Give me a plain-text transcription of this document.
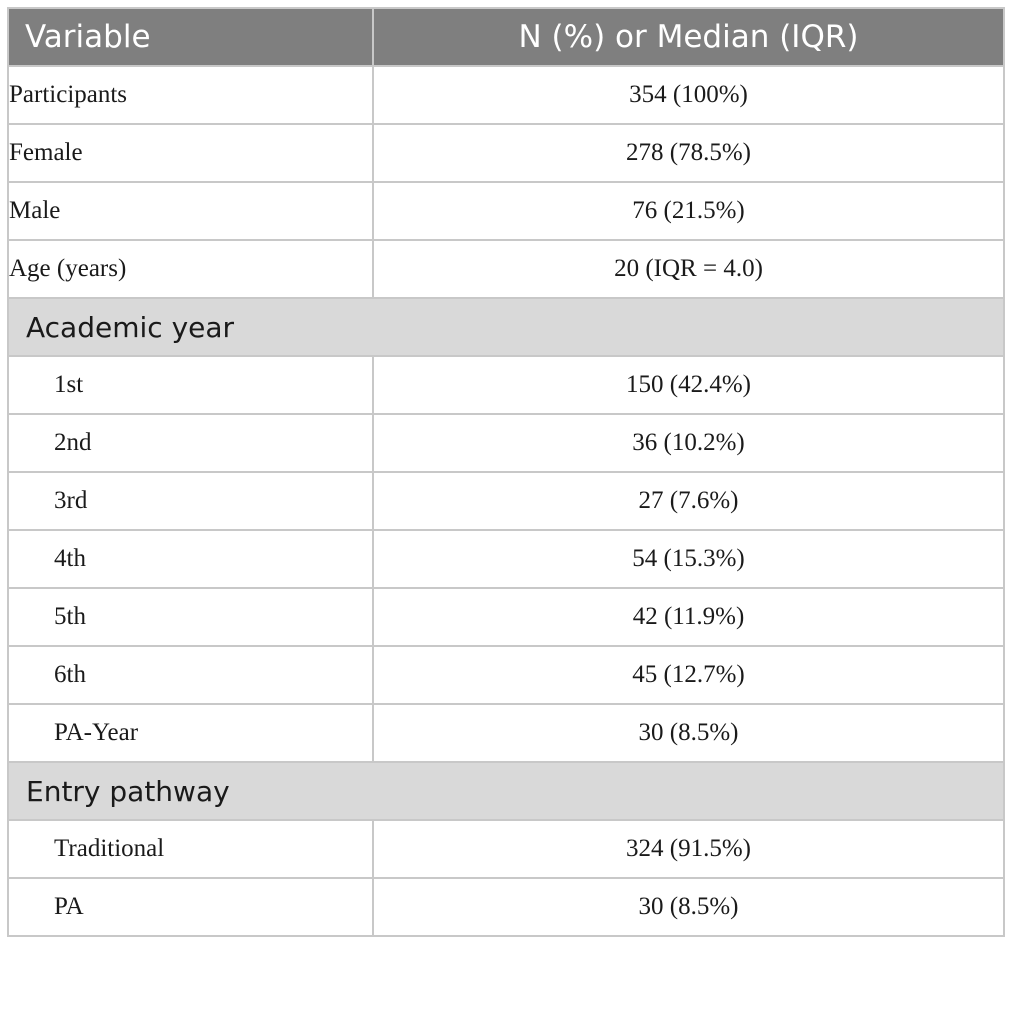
Variable	N (%) or Median (IQR)
Participants	354 (100%)
Female	278 (78.5%)
Male	76 (21.5%)
Age (years)	20 (IQR = 4.0)
Academic year	
1st	150 (42.4%)
2nd	36 (10.2%)
3rd	27 (7.6%)
4th	54 (15.3%)
5th	42 (11.9%)
6th	45 (12.7%)
PA-Year	30 (8.5%)
Entry pathway	
Traditional	324 (91.5%)
PA	30 (8.5%)
